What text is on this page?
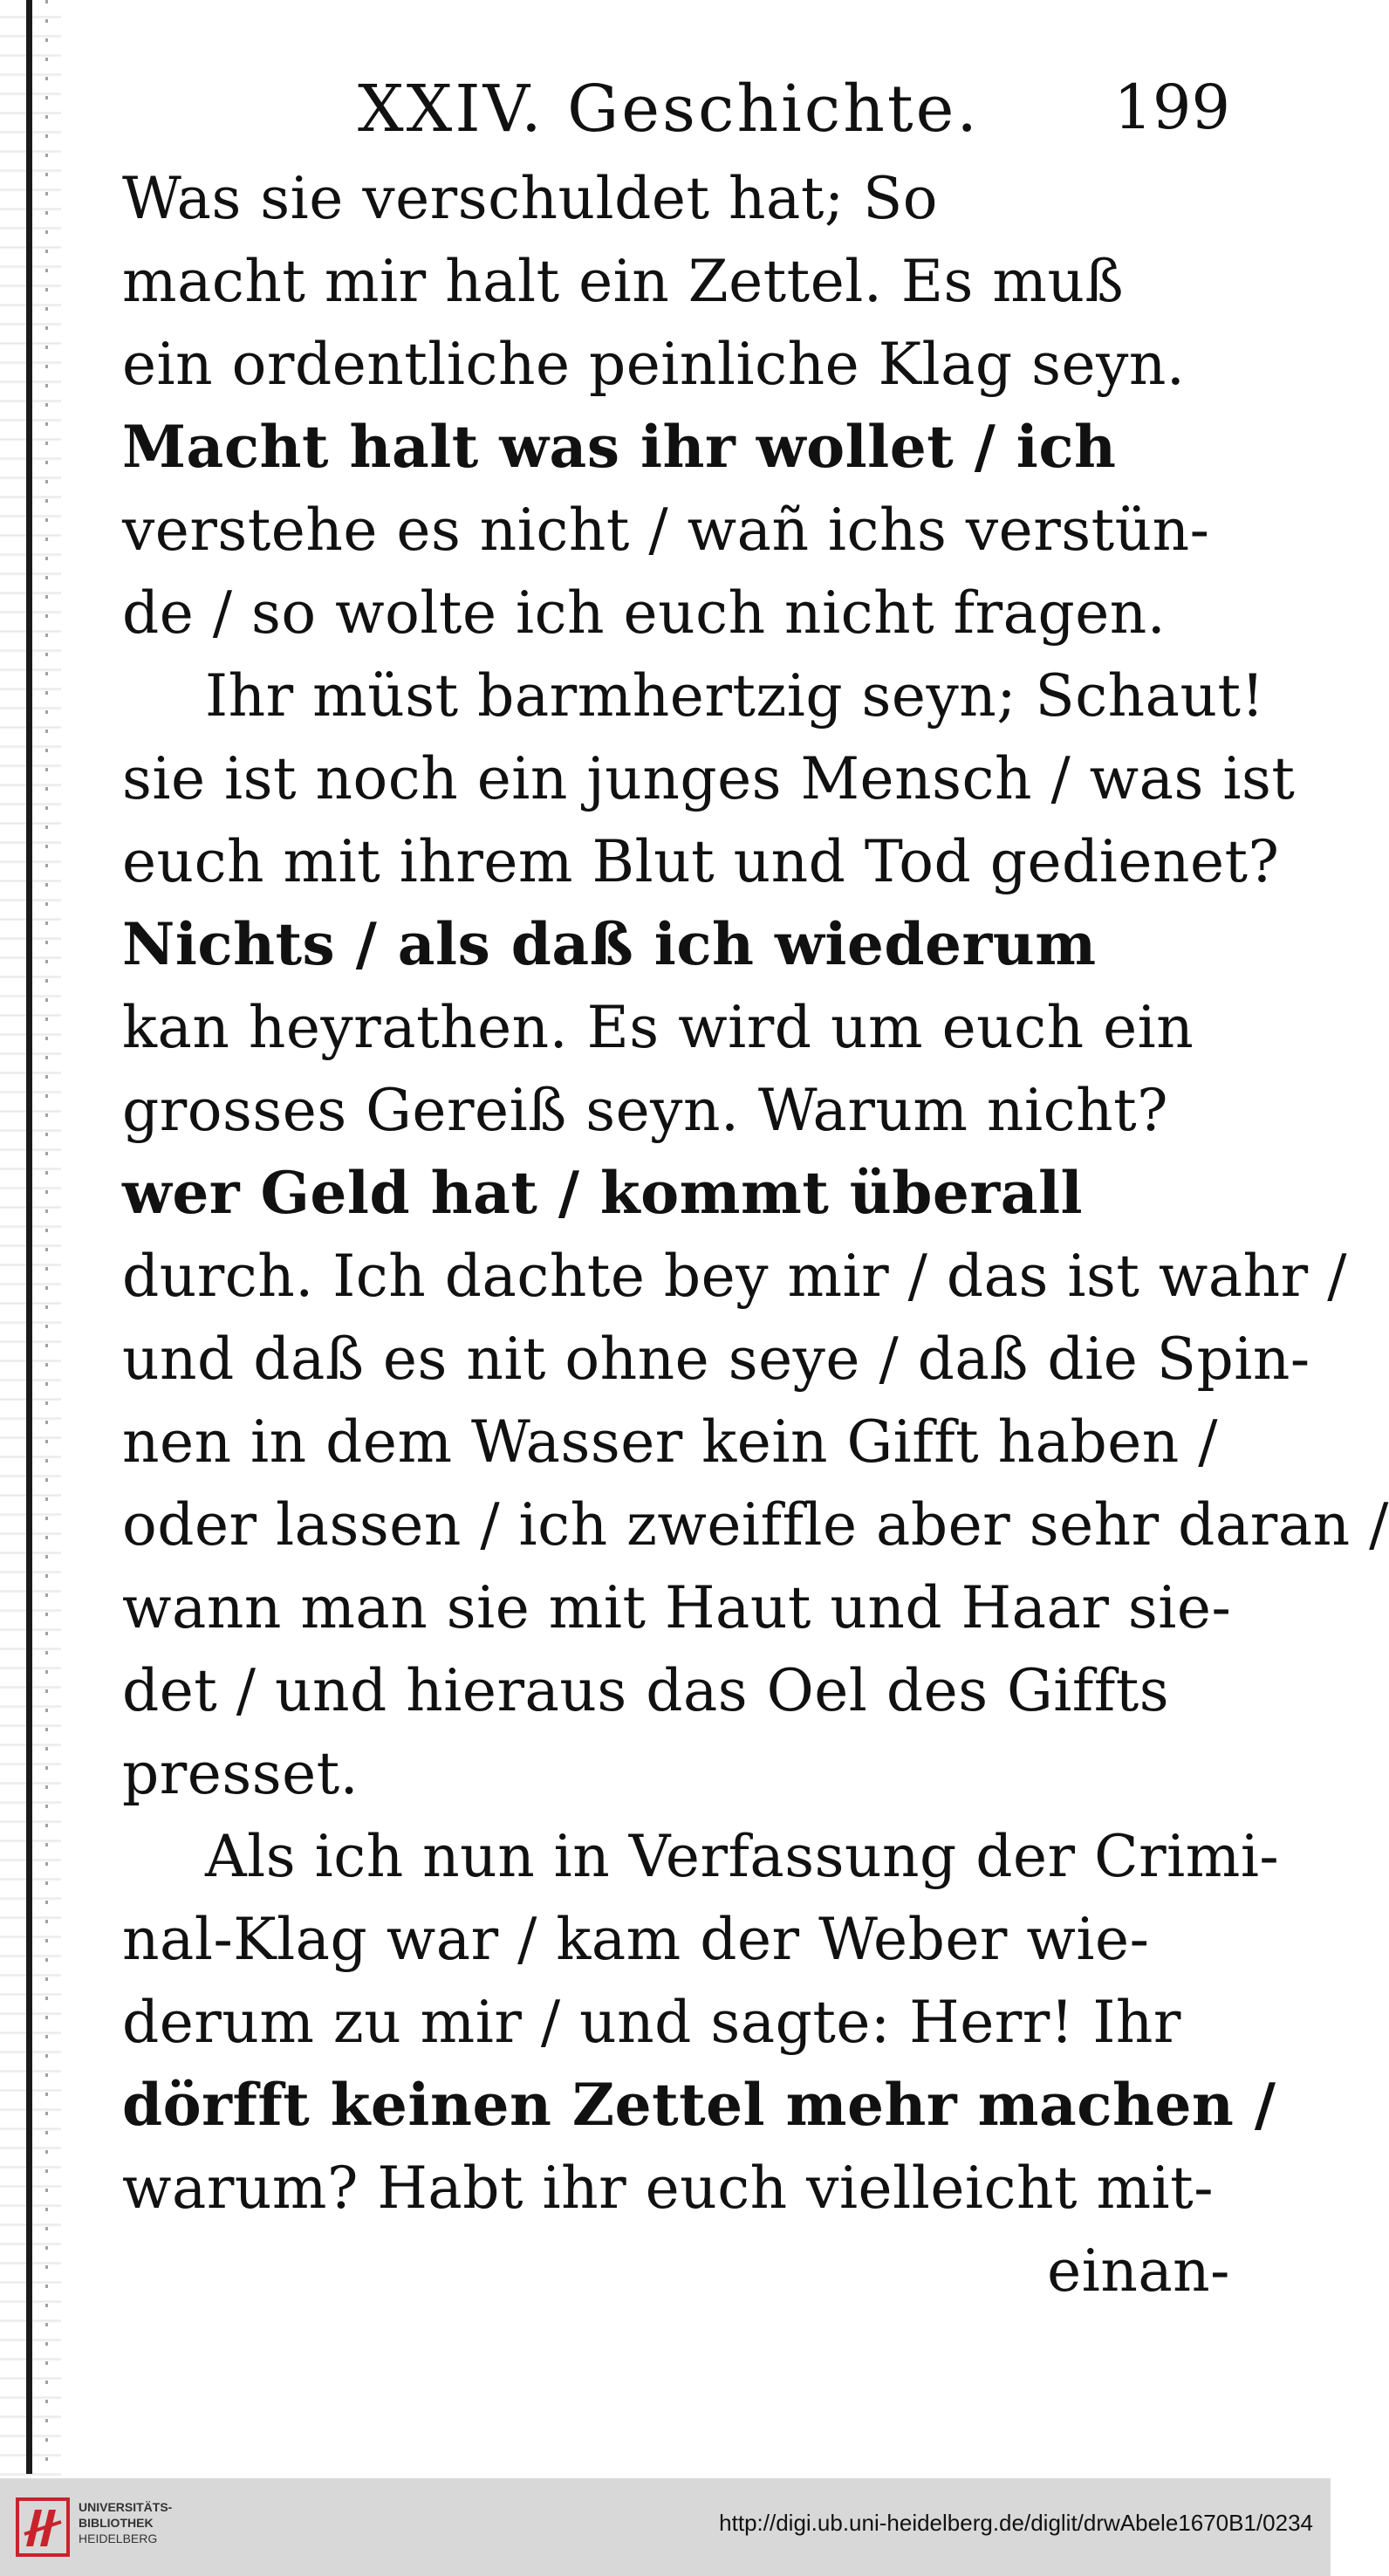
XXIV. Geschichte. 199
Was sie verschuldet hat; So
macht mir halt ein Zettel. Es muß
ein ordentliche peinliche Klag seyn.
Macht halt was ihr wollet / ich
verstehe es nicht / wañ ichs verstün-
de / so wolte ich euch nicht fragen.
Ihr müst barmhertzig seyn; Schaut!
sie ist noch ein junges Mensch / was ist
euch mit ihrem Blut und Tod gedienet?
Nichts / als daß ich wiederum
kan heyrathen. Es wird um euch ein
grosses Gereiß seyn. Warum nicht?
wer Geld hat / kommt überall
durch. Ich dachte bey mir / das ist wahr /
und daß es nit ohne seye / daß die Spin-
nen in dem Wasser kein Gifft haben /
oder lassen / ich zweiffle aber sehr daran /
wann man sie mit Haut und Haar sie-
det / und hieraus das Oel des Giffts
presset.
Als ich nun in Verfassung der Crimi-
nal-Klag war / kam der Weber wie-
derum zu mir / und sagte: Herr! Ihr
dörfft keinen Zettel mehr machen /
warum? Habt ihr euch vielleicht mit-
einan-
UNIVERSITÄTS-
BIBLIOTHEK
HEIDELBERG
http://digi.ub.uni-heidelberg.de/diglit/drwAbele1670B1/0234
